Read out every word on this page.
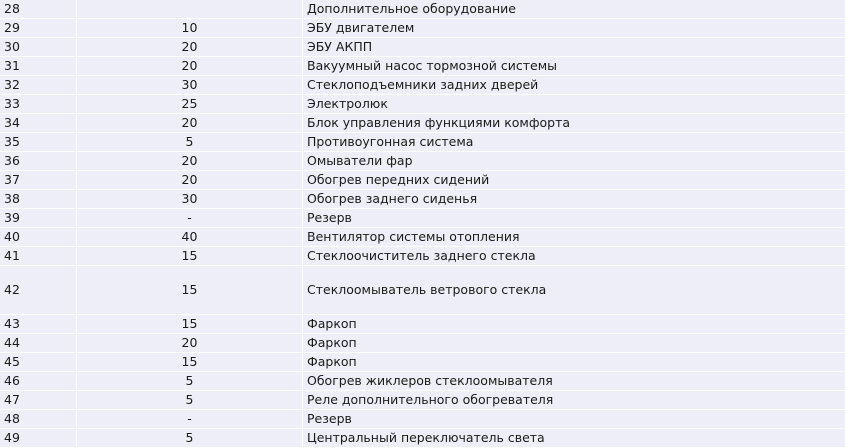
28		Дополнительное оборудование
29	10	ЭБУ двигателем
30	20	ЭБУ АКПП
31	20	Вакуумный насос тормозной системы
32	30	Стеклоподъемники задних дверей
33	25	Электролюк
34	20	Блок управления функциями комфорта
35	5	Противоугонная система
36	20	Омыватели фар
37	20	Обогрев передних сидений
38	30	Обогрев заднего сиденья
39	-	Резерв
40	40	Вентилятор системы отопления
41	15	Стеклоочиститель заднего стекла
42	15	Стеклоомыватель ветрового стекла
43	15	Фаркоп
44	20	Фаркоп
45	15	Фаркоп
46	5	Обогрев жиклеров стеклоомывателя
47	5	Реле дополнительного обогревателя
48	-	Резерв
49	5	Центральный переключатель света
